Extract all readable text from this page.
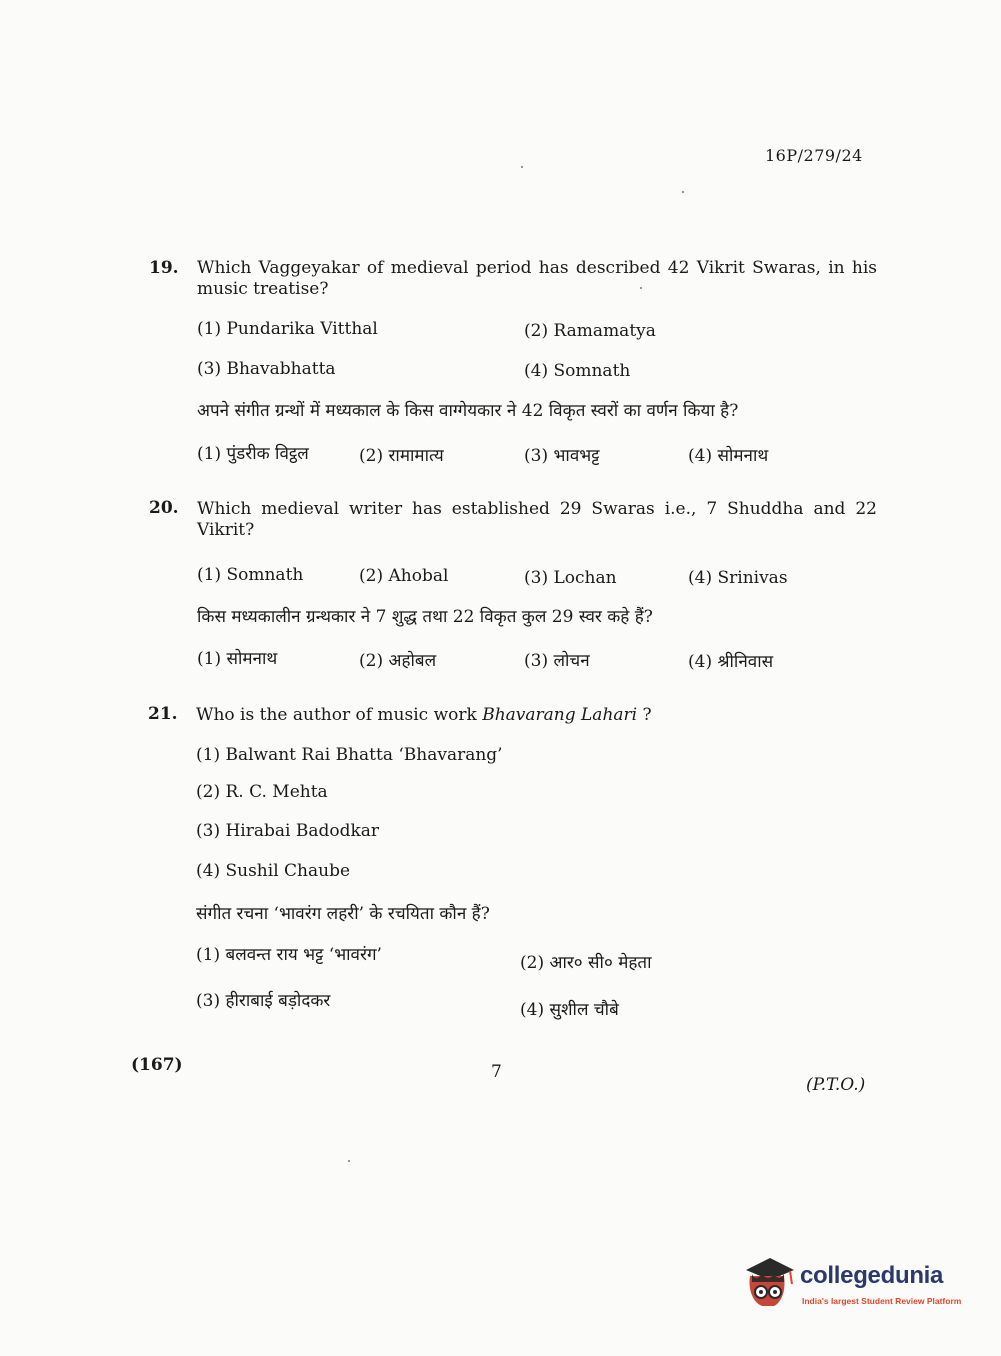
16P/279/24
19. Which Vaggeyakar of medieval period has described 42 Vikrit Swaras, in his music treatise?
(1) Pundarika Vitthal	(2) Ramamatya
(3) Bhavabhatta	(4) Somnath
अपने संगीत ग्रन्थों में मध्यकाल के किस वाग्गेयकार ने 42 विकृत स्वरों का वर्णन किया है?
(1) पुंडरीक विट्ठल	(2) रामामात्य	(3) भावभट्ट	(4) सोमनाथ
20. Which medieval writer has established 29 Swaras i.e., 7 Shuddha and 22 Vikrit?
(1) Somnath	(2) Ahobal	(3) Lochan	(4) Srinivas
किस मध्यकालीन ग्रन्थकार ने 7 शुद्ध तथा 22 विकृत कुल 29 स्वर कहे हैं?
(1) सोमनाथ	(2) अहोबल	(3) लोचन	(4) श्रीनिवास
21. Who is the author of music work Bhavarang Lahari ?
(1) Balwant Rai Bhatta ‘Bhavarang’
(2) R. C. Mehta
(3) Hirabai Badodkar
(4) Sushil Chaube
संगीत रचना ‘भावरंग लहरी’ के रचयिता कौन हैं?
(1) बलवन्त राय भट्ट ‘भावरंग’	(2) आर० सी० मेहता
(3) हीराबाई बड़ोदकर	(4) सुशील चौबे
(167)	7
(P.T.O.)
collegedunia
India's largest Student Review Platform
